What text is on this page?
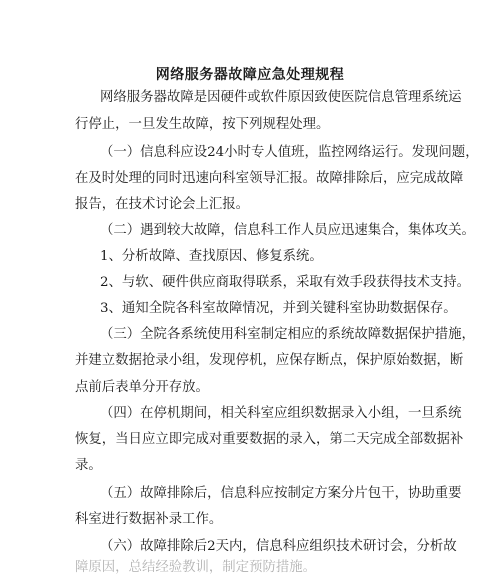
网络服务器故障应急处理规程
网络服务器故障是因硬件或软件原因致使医院信息管理系统运
行停止，一旦发生故障，按下列规程处理。
（一）信息科应设24小时专人值班，监控网络运行。发现问题，
在及时处理的同时迅速向科室领导汇报。故障排除后，应完成故障
报告，在技术讨论会上汇报。
（二）遇到较大故障，信息科工作人员应迅速集合，集体攻关。
1、分析故障、查找原因、修复系统。
2、与软、硬件供应商取得联系，采取有效手段获得技术支持。
3、通知全院各科室故障情况，并到关键科室协助数据保存。
（三）全院各系统使用科室制定相应的系统故障数据保护措施，
并建立数据抢录小组，发现停机，应保存断点，保护原始数据，断
点前后表单分开存放。
（四）在停机期间，相关科室应组织数据录入小组，一旦系统
恢复，当日应立即完成对重要数据的录入，第二天完成全部数据补
录。
（五）故障排除后，信息科应按制定方案分片包干，协助重要
科室进行数据补录工作。
（六）故障排除后2天内，信息科应组织技术研讨会，分析故
障原因，总结经验教训，制定预防措施。
